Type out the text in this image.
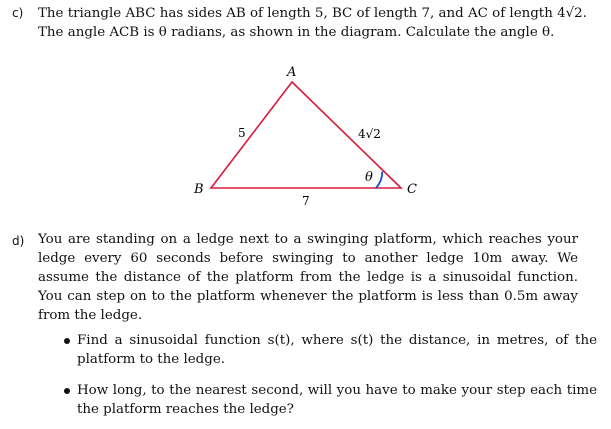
c) The triangle ABC has sides AB of length 5, BC of length 7, and AC of length 4√2.
The angle ACB is θ radians, as shown in the diagram. Calculate the angle θ.
A
B	C
5
7
4√2
θ
d) You are standing on a ledge next to a swinging platform, which reaches your ledge every 60 seconds before swinging to another ledge 10m away. We assume the distance of the platform from the ledge is a sinusoidal function. You can step on to the platform whenever the platform is less than 0.5m away from the ledge.
Find a sinusoidal function s(t), where s(t) the distance, in metres, of the platform to the ledge.
How long, to the nearest second, will you have to make your step each time the platform reaches the ledge?
